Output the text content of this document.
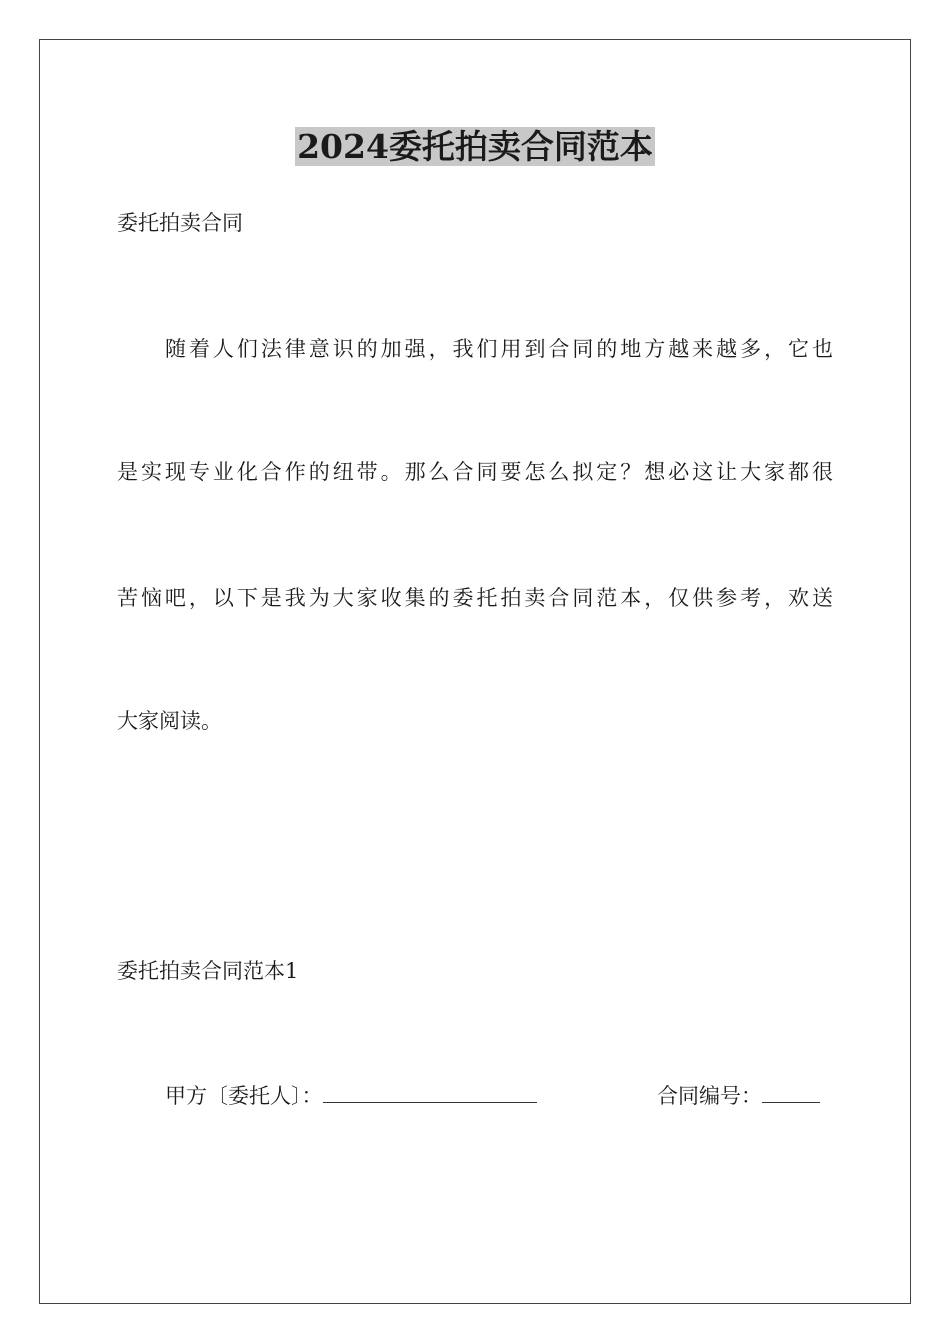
2024委托拍卖合同范本
委托拍卖合同
随着人们法律意识的加强，我们用到合同的地方越来越多，它也
是实现专业化合作的纽带。那么合同要怎么拟定？想必这让大家都很
苦恼吧，以下是我为大家收集的委托拍卖合同范本，仅供参考，欢送
大家阅读。
委托拍卖合同范本1
甲方〔委托人〕：	合同编号：
